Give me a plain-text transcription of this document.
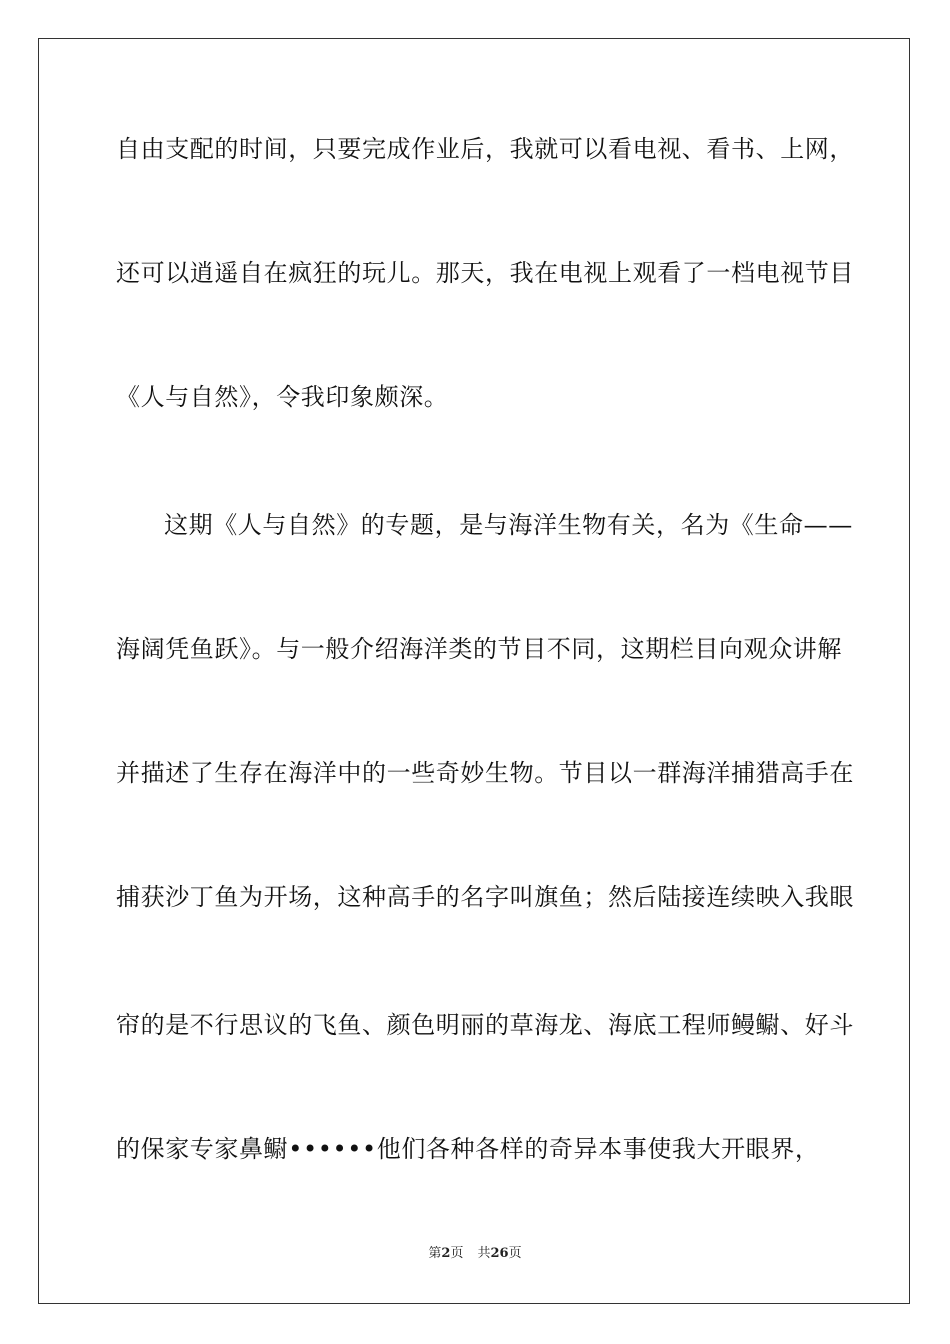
自由支配的时间，只要完成作业后，我就可以看电视、看书、上网，
还可以逍遥自在疯狂的玩儿。那天，我在电视上观看了一档电视节目
《人与自然》，令我印象颇深。
这期《人与自然》的专题，是与海洋生物有关，名为《生命——
海阔凭鱼跃》。与一般介绍海洋类的节目不同，这期栏目向观众讲解
并描述了生存在海洋中的一些奇妙生物。节目以一群海洋捕猎高手在
捕获沙丁鱼为开场，这种高手的名字叫旗鱼；然后陆接连续映入我眼
帘的是不行思议的飞鱼、颜色明丽的草海龙、海底工程师鳗鳚、好斗
的保家专家鼻鳚••••••他们各种各样的奇异本事使我大开眼界，
第2页 共26页
